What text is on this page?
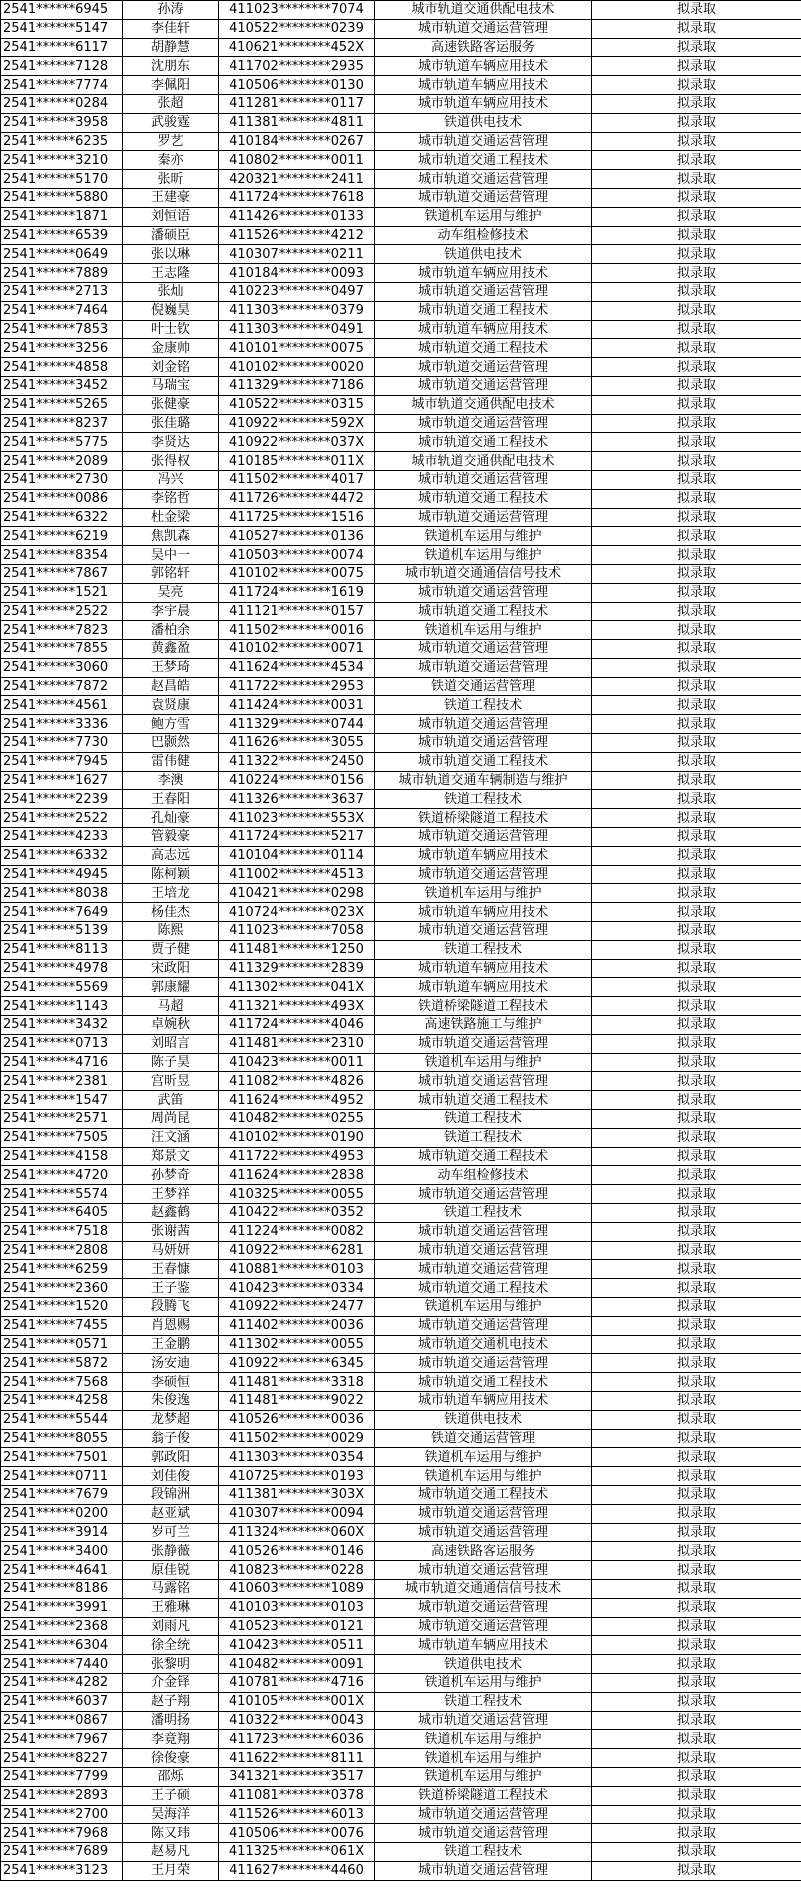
2541******6945	孙涛	411023********7074	城市轨道交通供配电技术	拟录取
2541******5147	李佳轩	410522********0239	城市轨道交通运营管理	拟录取
2541******6117	胡静慧	410621********452X	高速铁路客运服务	拟录取
2541******7128	沈朋东	411702********2935	城市轨道车辆应用技术	拟录取
2541******7774	李佩阳	410506********0130	城市轨道车辆应用技术	拟录取
2541******0284	张超	411281********0117	城市轨道车辆应用技术	拟录取
2541******3958	武骏霆	411381********4811	铁道供电技术	拟录取
2541******6235	罗艺	410184********0267	城市轨道交通运营管理	拟录取
2541******3210	秦亦	410802********0011	城市轨道交通工程技术	拟录取
2541******5170	张昕	420321********2411	城市轨道交通运营管理	拟录取
2541******5880	王建豪	411724********7618	城市轨道交通运营管理	拟录取
2541******1871	刘恒语	411426********0133	铁道机车运用与维护	拟录取
2541******6539	潘硕臣	411526********4212	动车组检修技术	拟录取
2541******0649	张以琳	410307********0211	铁道供电技术	拟录取
2541******7889	王志隆	410184********0093	城市轨道车辆应用技术	拟录取
2541******2713	张灿	410223********0497	城市轨道交通运营管理	拟录取
2541******7464	倪巍昊	411303********0379	城市轨道交通工程技术	拟录取
2541******7853	叶士钦	411303********0491	城市轨道车辆应用技术	拟录取
2541******3256	金康帅	410101********0075	城市轨道交通工程技术	拟录取
2541******4858	刘金铭	410102********0020	城市轨道交通运营管理	拟录取
2541******3452	马瑞宝	411329********7186	城市轨道交通运营管理	拟录取
2541******5265	张健豪	410522********0315	城市轨道交通供配电技术	拟录取
2541******8237	张佳璐	410922********592X	城市轨道交通运营管理	拟录取
2541******5775	李贤达	410922********037X	城市轨道交通工程技术	拟录取
2541******2089	张得权	410185********011X	城市轨道交通供配电技术	拟录取
2541******2730	冯兴	411502********4017	城市轨道交通运营管理	拟录取
2541******0086	李铭哲	411726********4472	城市轨道交通工程技术	拟录取
2541******6322	杜金梁	411725********1516	城市轨道交通运营管理	拟录取
2541******6219	焦凯森	410527********0136	铁道机车运用与维护	拟录取
2541******8354	吴中一	410503********0074	铁道机车运用与维护	拟录取
2541******7867	郭铭轩	410102********0075	城市轨道交通通信信号技术	拟录取
2541******1521	吴亮	411724********1619	城市轨道交通运营管理	拟录取
2541******2522	李宇晨	411121********0157	城市轨道交通工程技术	拟录取
2541******7823	潘柏余	411502********0016	铁道机车运用与维护	拟录取
2541******7855	黄鑫盈	410102********0071	城市轨道交通运营管理	拟录取
2541******3060	王梦琦	411624********4534	城市轨道交通运营管理	拟录取
2541******7872	赵昌皓	411722********2953	铁道交通运营管理	拟录取
2541******4561	袁贤康	411424********0031	铁道工程技术	拟录取
2541******3336	鲍方雪	411329********0744	城市轨道交通运营管理	拟录取
2541******7730	巴颢然	411626********3055	城市轨道交通运营管理	拟录取
2541******7945	雷伟健	411322********2450	城市轨道交通工程技术	拟录取
2541******1627	李澳	410224********0156	城市轨道交通车辆制造与维护	拟录取
2541******2239	王春阳	411326********3637	铁道工程技术	拟录取
2541******2522	孔灿豪	411023********553X	铁道桥梁隧道工程技术	拟录取
2541******4233	管毅豪	411724********5217	城市轨道交通运营管理	拟录取
2541******6332	高志远	410104********0114	城市轨道车辆应用技术	拟录取
2541******4945	陈柯颖	411002********4513	城市轨道交通运营管理	拟录取
2541******8038	王培龙	410421********0298	铁道机车运用与维护	拟录取
2541******7649	杨佳杰	410724********023X	城市轨道车辆应用技术	拟录取
2541******5139	陈熙	411023********7058	城市轨道交通运营管理	拟录取
2541******8113	贾子健	411481********1250	铁道工程技术	拟录取
2541******4978	宋政阳	411329********2839	城市轨道车辆应用技术	拟录取
2541******5569	郭康耀	411302********041X	城市轨道车辆应用技术	拟录取
2541******1143	马超	411321********493X	铁道桥梁隧道工程技术	拟录取
2541******3432	卓婉秋	411724********4046	高速铁路施工与维护	拟录取
2541******0713	刘昭言	411481********2310	城市轨道交通运营管理	拟录取
2541******4716	陈子昊	410423********0011	铁道机车运用与维护	拟录取
2541******2381	宫昕昱	411082********4826	城市轨道交通运营管理	拟录取
2541******1547	武笛	411624********4952	城市轨道交通工程技术	拟录取
2541******2571	周尚昆	410482********0255	铁道工程技术	拟录取
2541******7505	汪文涵	410102********0190	铁道工程技术	拟录取
2541******4158	郑景文	411722********4953	城市轨道交通工程技术	拟录取
2541******4720	孙梦奇	411624********2838	动车组检修技术	拟录取
2541******5574	王梦祥	410325********0055	城市轨道交通运营管理	拟录取
2541******6405	赵鑫鹤	410422********0352	铁道工程技术	拟录取
2541******7518	张谢茜	411224********0082	城市轨道交通运营管理	拟录取
2541******2808	马妍妍	410922********6281	城市轨道交通运营管理	拟录取
2541******6259	王春慷	410881********0103	城市轨道交通运营管理	拟录取
2541******2360	王子鉴	410423********0334	城市轨道交通工程技术	拟录取
2541******1520	段腾飞	410922********2477	铁道机车运用与维护	拟录取
2541******7455	肖恩赐	411402********0036	城市轨道交通运营管理	拟录取
2541******0571	王金鹏	411302********0055	城市轨道交通机电技术	拟录取
2541******5872	汤安迪	410922********6345	城市轨道交通运营管理	拟录取
2541******7568	李硕恒	411481********3318	城市轨道交通工程技术	拟录取
2541******4258	朱俊逸	411481********9022	城市轨道车辆应用技术	拟录取
2541******5544	龙梦超	410526********0036	铁道供电技术	拟录取
2541******8055	翁子俊	411502********0029	铁道交通运营管理	拟录取
2541******7501	郭政阳	411303********0354	铁道机车运用与维护	拟录取
2541******0711	刘佳俊	410725********0193	铁道机车运用与维护	拟录取
2541******7679	段锦洲	411381********303X	城市轨道交通工程技术	拟录取
2541******0200	赵亚斌	410307********0094	城市轨道交通运营管理	拟录取
2541******3914	岁可兰	411324********060X	城市轨道交通运营管理	拟录取
2541******3400	张静薇	410526********0146	高速铁路客运服务	拟录取
2541******4641	原佳锐	410823********0228	城市轨道交通运营管理	拟录取
2541******8186	马露铭	410603********1089	城市轨道交通通信信号技术	拟录取
2541******3991	王雅琳	410103********0103	城市轨道交通运营管理	拟录取
2541******2368	刘雨凡	410523********0121	城市轨道交通运营管理	拟录取
2541******6304	徐全统	410423********0511	城市轨道车辆应用技术	拟录取
2541******7440	张黎明	410482********0091	铁道供电技术	拟录取
2541******4282	介金铎	410781********4716	铁道机车运用与维护	拟录取
2541******6037	赵子翔	410105********001X	铁道工程技术	拟录取
2541******0867	潘明扬	410322********0043	城市轨道交通运营管理	拟录取
2541******7967	李竟翔	411723********6036	铁道机车运用与维护	拟录取
2541******8227	徐俊豪	411622********8111	铁道机车运用与维护	拟录取
2541******7799	邵烁	341321********3517	铁道机车运用与维护	拟录取
2541******2893	王子硕	411081********0378	铁道桥梁隧道工程技术	拟录取
2541******2700	吴海洋	411526********6013	城市轨道交通运营管理	拟录取
2541******7968	陈又玮	410506********0076	城市轨道交通运营管理	拟录取
2541******7689	赵易凡	411325********061X	铁道工程技术	拟录取
2541******3123	王月荣	411627********4460	城市轨道交通运营管理	拟录取
